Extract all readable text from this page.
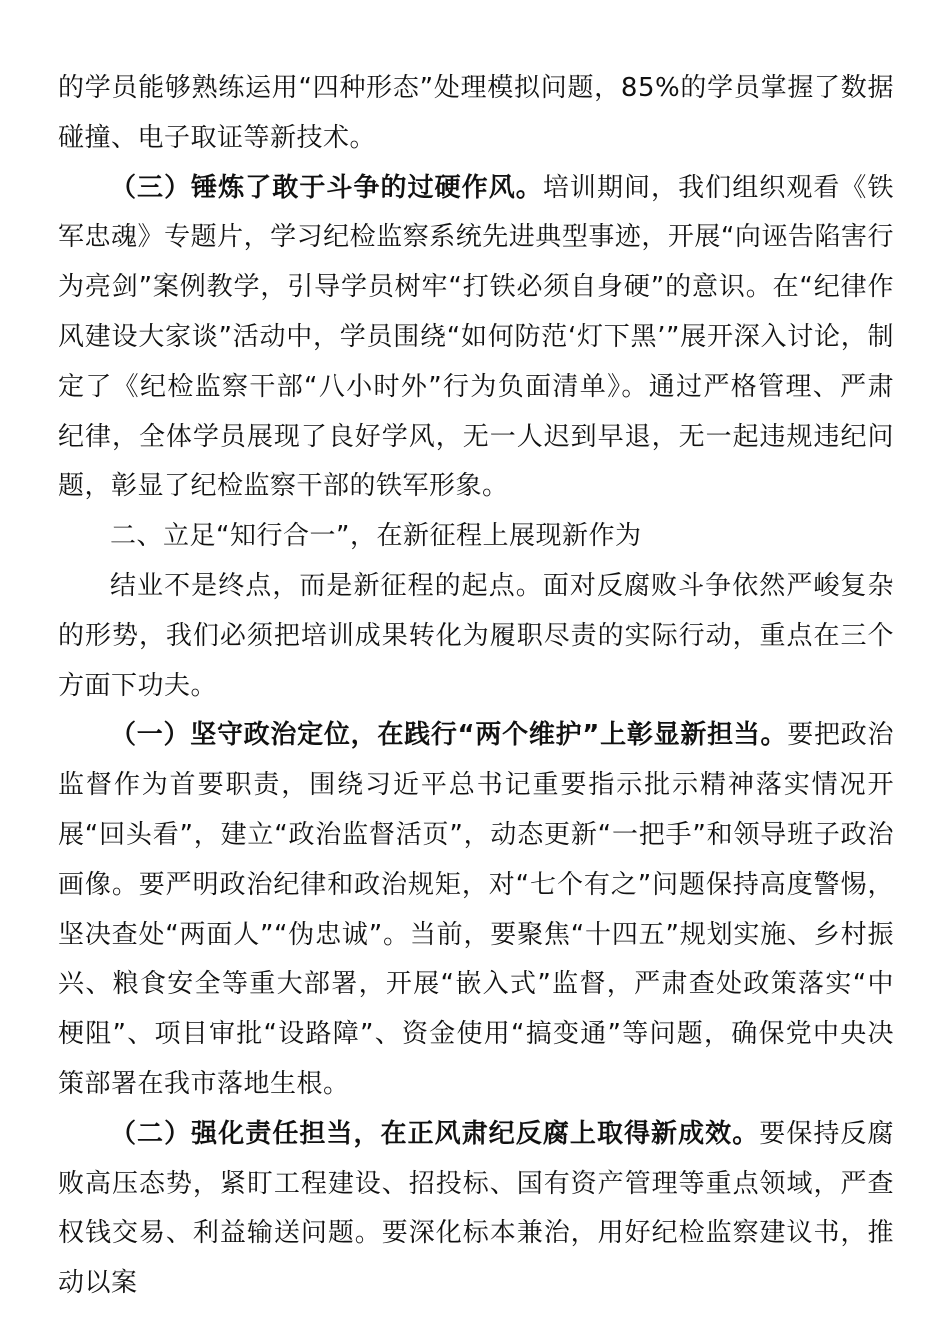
的学员能够熟练运用“四种形态”处理模拟问题，85%的学员掌握了数据碰撞、电子取证等新技术。

（三）锤炼了敢于斗争的过硬作风。培训期间，我们组织观看《铁军忠魂》专题片，学习纪检监察系统先进典型事迹，开展“向诬告陷害行为亮剑”案例教学，引导学员树牢“打铁必须自身硬”的意识。在“纪律作风建设大家谈”活动中，学员围绕“如何防范‘灯下黑’”展开深入讨论，制定了《纪检监察干部“八小时外”行为负面清单》。通过严格管理、严肃纪律，全体学员展现了良好学风，无一人迟到早退，无一起违规违纪问题，彰显了纪检监察干部的铁军形象。

二、立足“知行合一”，在新征程上展现新作为

结业不是终点，而是新征程的起点。面对反腐败斗争依然严峻复杂的形势，我们必须把培训成果转化为履职尽责的实际行动，重点在三个方面下功夫。

（一）坚守政治定位，在践行“两个维护”上彰显新担当。要把政治监督作为首要职责，围绕习近平总书记重要指示批示精神落实情况开展“回头看”，建立“政治监督活页”，动态更新“一把手”和领导班子政治画像。要严明政治纪律和政治规矩，对“七个有之”问题保持高度警惕，坚决查处“两面人”“伪忠诚”。当前，要聚焦“十四五”规划实施、乡村振兴、粮食安全等重大部署，开展“嵌入式”监督，严肃查处政策落实“中梗阻”、项目审批“设路障”、资金使用“搞变通”等问题，确保党中央决策部署在我市落地生根。

（二）强化责任担当，在正风肃纪反腐上取得新成效。要保持反腐败高压态势，紧盯工程建设、招投标、国有资产管理等重点领域，严查权钱交易、利益输送问题。要深化标本兼治，用好纪检监察建议书，推动以案
